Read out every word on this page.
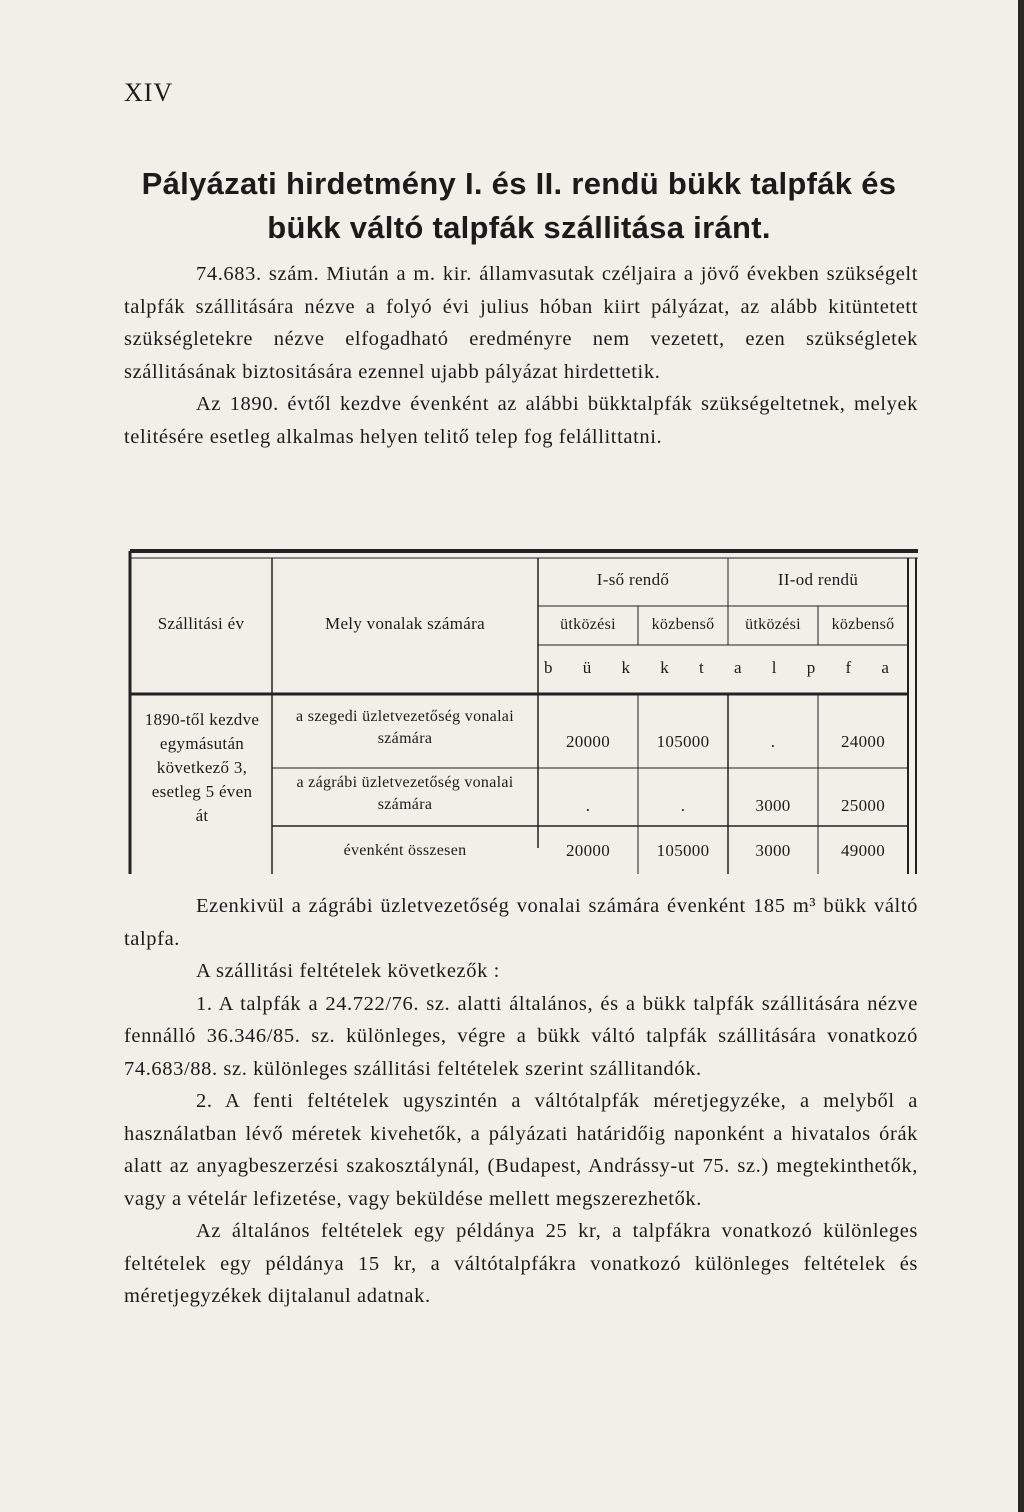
XIV
Pályázati hirdetmény I. és II. rendü bükk talpfák és
bükk váltó talpfák szállitása iránt.

74.683. szám. Miután a m. kir. államvasutak czéljaira a jövő években szükségelt talpfák szállitására nézve a folyó évi julius hóban kiirt pályázat, az alább kitüntetett szükségletekre nézve elfogadható eredményre nem vezetett, ezen szükségletek szállitásának biztositására ezennel ujabb pályázat hirdettetik.

Az 1890. évtől kezdve évenként az alábbi bükktalpfák szükségeltetnek, melyek telitésére esetleg alkalmas helyen telitő telep fog felállittatni.

Szállitási év	Mely vonalak számára
I-ső rendő	II-od rendü
ütközési	közbenső	ütközési	közbenső
b ü k k t a l p f a
1890-től kezdve egymásután következő 3, esetleg 5 éven át
a szegedi üzletvezetőség vonalai számára	20000	105000	.	24000
a zágrábi üzletvezetőség vonalai számára	.	.	3000	25000
évenként összesen	20000	105000	3000	49000

Ezenkivül a zágrábi üzletvezetőség vonalai számára évenként 185 m³ bükk váltó talpfa.

A szállitási feltételek következők :

1. A talpfák a 24.722/76. sz. alatti általános, és a bükk talpfák szállitására nézve fennálló 36.346/85. sz. különleges, végre a bükk váltó talpfák szállitására vonatkozó 74.683/88. sz. különleges szállitási feltételek szerint szállitandók.

2. A fenti feltételek ugyszintén a váltótalpfák méretjegyzéke, a melyből a használatban lévő méretek kivehetők, a pályázati határidőig naponként a hivatalos órák alatt az anyagbeszerzési szakosztálynál, (Budapest, Andrássy-ut 75. sz.) megtekinthetők, vagy a vételár lefizetése, vagy beküldése mellett megszerezhetők.

Az általános feltételek egy példánya 25 kr, a talpfákra vonatkozó különleges feltételek egy példánya 15 kr, a váltótalpfákra vonatkozó különleges feltételek és méretjegyzékek dijtalanul adatnak.
